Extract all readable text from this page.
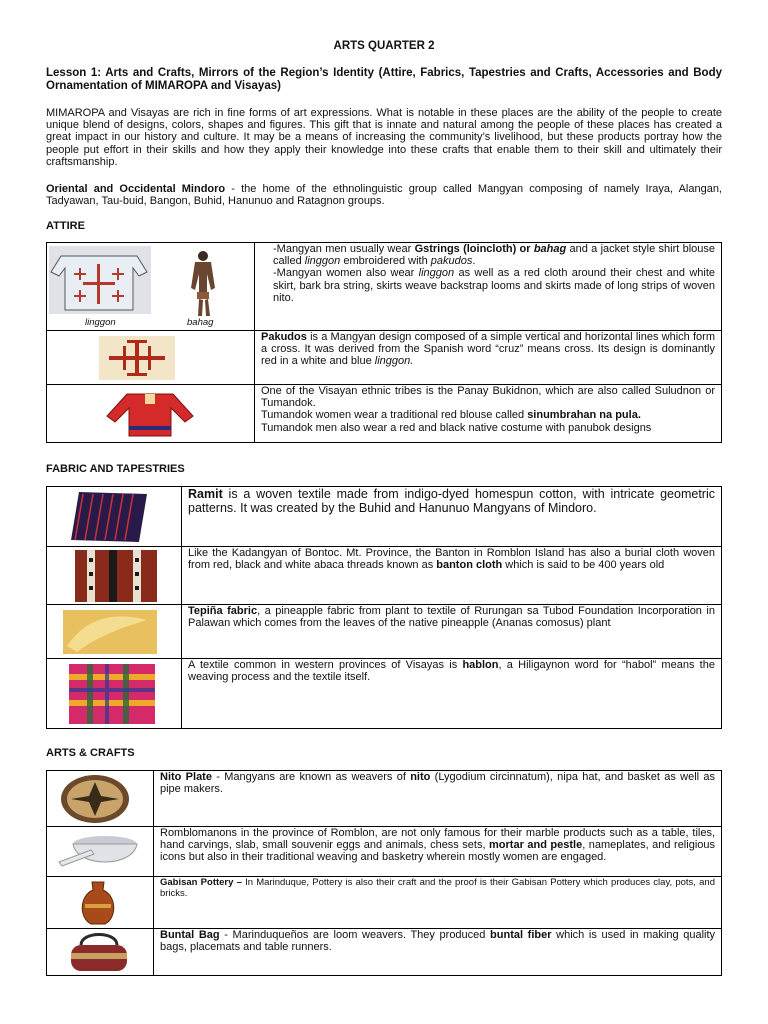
ARTS QUARTER 2
Lesson 1: Arts and Crafts, Mirrors of the Region’s Identity (Attire, Fabrics, Tapestries and Crafts, Accessories and Body Ornamentation of MIMAROPA and Visayas)
MIMAROPA and Visayas are rich in fine forms of art expressions. What is notable in these places are the ability of the people to create unique blend of designs, colors, shapes and figures. This gift that is innate and natural among the people of these places has created a great impact in our history and culture. It may be a means of increasing the community’s livelihood, but these products portray how the people put effort in their skills and how they apply their knowledge into these crafts that enable them to their skill and ultimately their craftsmanship.
Oriental and Occidental Mindoro - the home of the ethnolinguistic group called Mangyan composing of namely Iraya, Alangan, Tadyawan, Tau-buid, Bangon, Buhid, Hanunuo and Ratagnon groups.
ATTIRE
linggon bahag	-Mangyan men usually wear Gstrings (loincloth) or bahag and a jacket style shirt blouse called linggon embroidered with pakudos.
-Mangyan women also wear linggon as well as a red cloth around their chest and white skirt, bark bra string, skirts weave backstrap looms and skirts made of long strips of woven nito.

	Pakudos is a Mangyan design composed of a simple vertical and horizontal lines which form a cross. It was derived from the Spanish word “cruz” means cross. Its design is dominantly red in a white and blue linggon.

	One of the Visayan ethnic tribes is the Panay Bukidnon, which are also called Suludnon or Tumandok.
Tumandok women wear a traditional red blouse called sinumbrahan na pula.
Tumandok men also wear a red and black native costume with panubok designs
FABRIC AND TAPESTRIES
	Ramit is a woven textile made from indigo-dyed homespun cotton, with intricate geometric patterns. It was created by the Buhid and Hanunuo Mangyans of Mindoro.

	Like the Kadangyan of Bontoc. Mt. Province, the Banton in Romblon Island has also a burial cloth woven from red, black and white abaca threads known as banton cloth which is said to be 400 years old

	Tepiña fabric, a pineapple fabric from plant to textile of Rurungan sa Tubod Foundation Incorporation in Palawan which comes from the leaves of the native pineapple (Ananas comosus) plant

	A textile common in western provinces of Visayas is hablon, a Hiligaynon word for “habol” means the weaving process and the textile itself.
ARTS & CRAFTS
	Nito Plate - Mangyans are known as weavers of nito (Lygodium circinnatum), nipa hat, and basket as well as pipe makers.

	Romblomanons in the province of Romblon, are not only famous for their marble products such as a table, tiles, hand carvings, slab, small souvenir eggs and animals, chess sets, mortar and pestle, nameplates, and religious icons but also in their traditional weaving and basketry wherein mostly women are engaged.

	Gabisan Pottery – In Marinduque, Pottery is also their craft and the proof is their Gabisan Pottery which produces clay, pots, and bricks.

	Buntal Bag - Marinduqueños are loom weavers. They produced buntal fiber which is used in making quality bags, placemats and table runners.
